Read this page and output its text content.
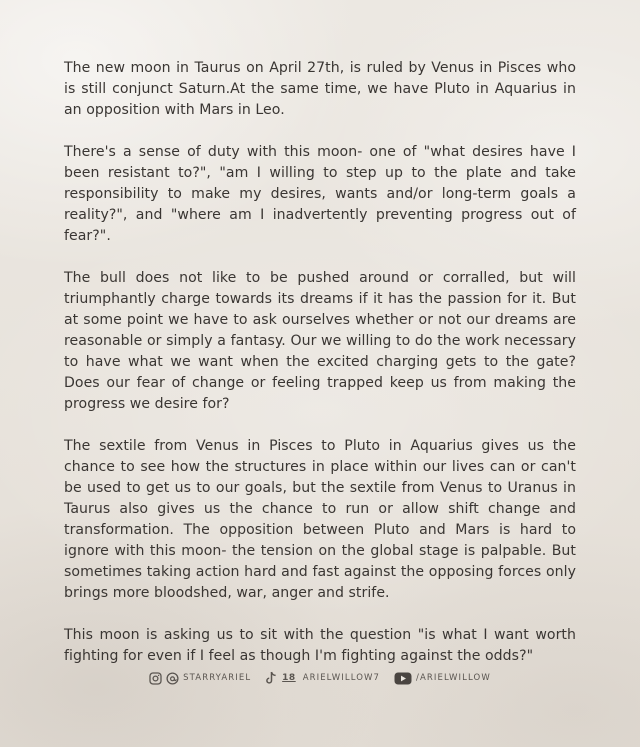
The new moon in Taurus on April 27th, is ruled by Venus in Pisces who is still conjunct Saturn.At the same time, we have Pluto in Aquarius in an opposition with Mars in Leo.

There's a sense of duty with this moon- one of "what desires have I been resistant to?", "am I willing to step up to the plate and take responsibility to make my desires, wants and/or long-term goals a reality?", and "where am I inadvertently preventing progress out of fear?".

The bull does not like to be pushed around or corralled, but will triumphantly charge towards its dreams if it has the passion for it. But at some point we have to ask ourselves whether or not our dreams are reasonable or simply a fantasy. Our we willing to do the work necessary to have what we want when the excited charging gets to the gate? Does our fear of change or feeling trapped keep us from making the progress we desire for?

The sextile from Venus in Pisces to Pluto in Aquarius gives us the chance to see how the structures in place within our lives can or can't be used to get us to our goals, but the sextile from Venus to Uranus in Taurus also gives us the chance to run or allow shift change and transformation. The opposition between Pluto and Mars is hard to ignore with this moon- the tension on the global stage is palpable. But sometimes taking action hard and fast against the opposing forces only brings more bloodshed, war, anger and strife.

This moon is asking us to sit with the question "is what I want worth fighting for even if I feel as though I'm fighting against the odds?"

STARRYARIEL	18 ARIELWILLOW7	/ARIELWILLOW
